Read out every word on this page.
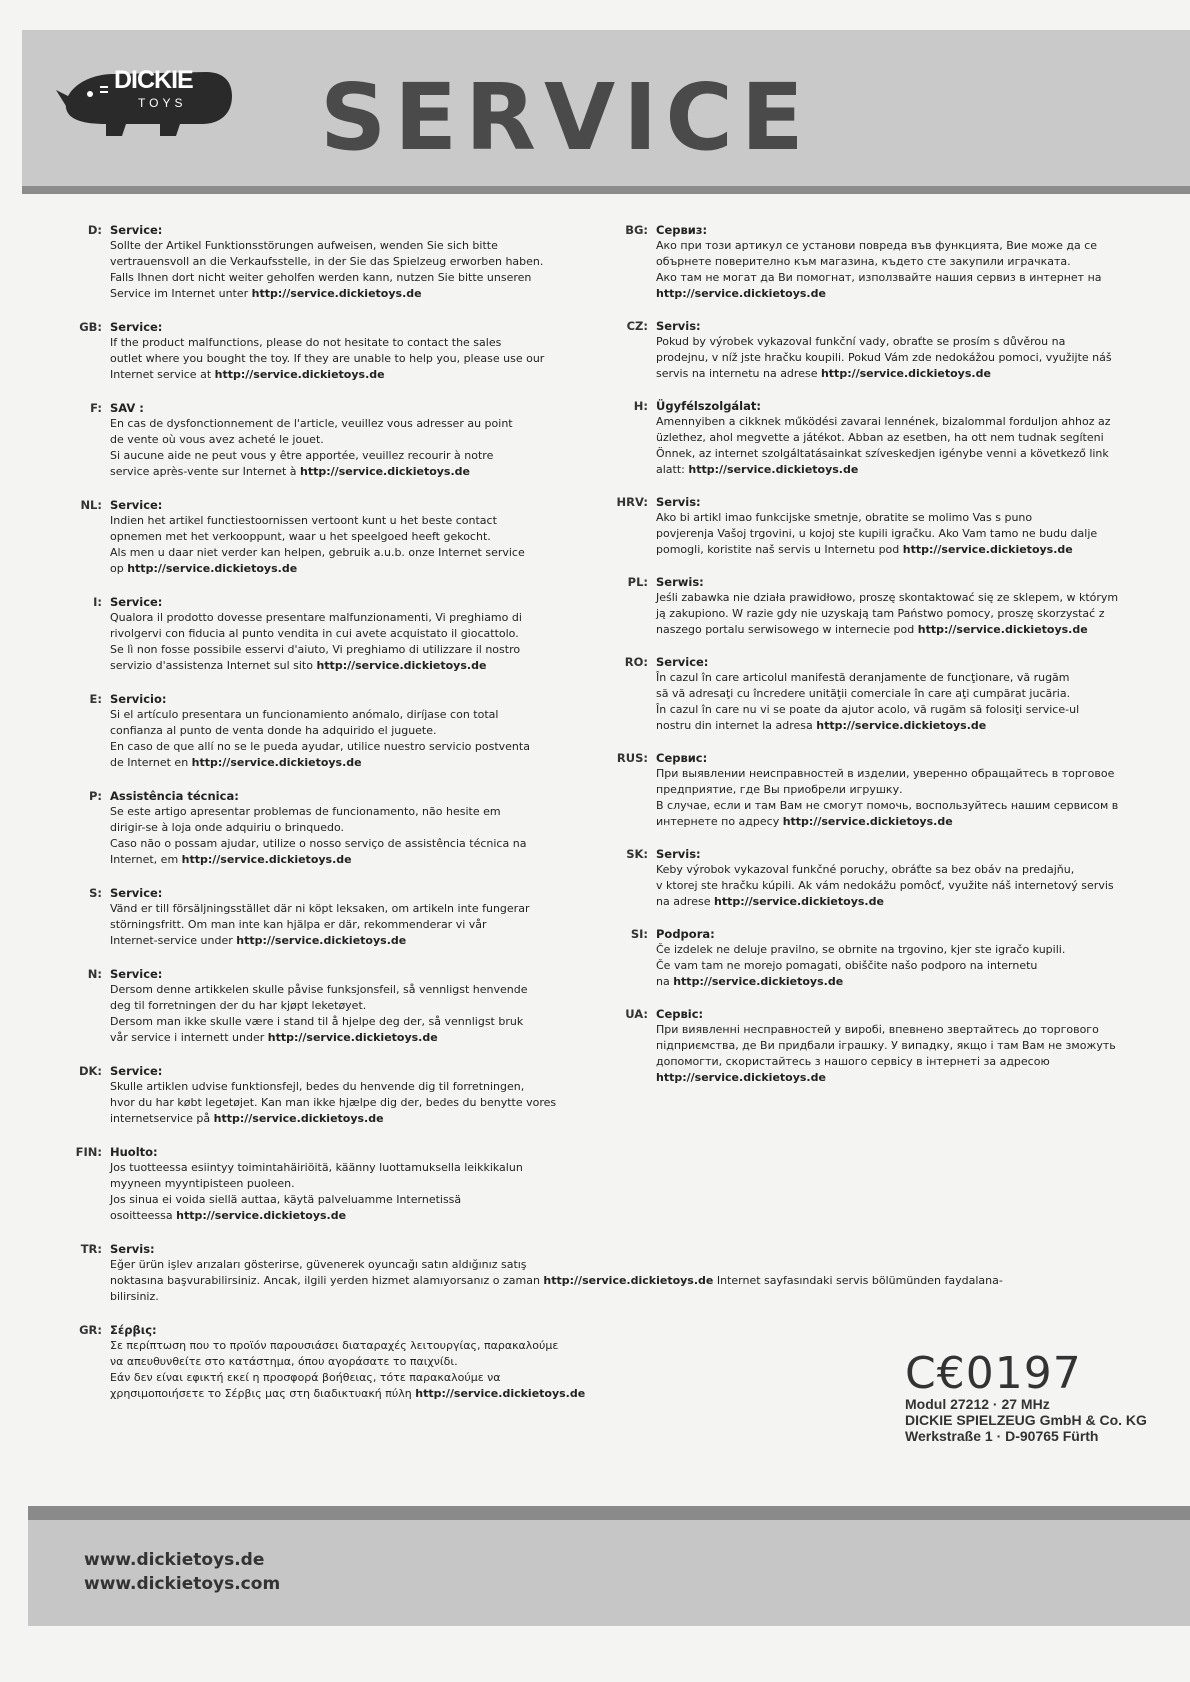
DICKIE
TOYS SERVICE
D: Service:
Sollte der Artikel Funktionsstörungen aufweisen, wenden Sie sich bitte
vertrauensvoll an die Verkaufsstelle, in der Sie das Spielzeug erworben haben.
Falls Ihnen dort nicht weiter geholfen werden kann, nutzen Sie bitte unseren
Service im Internet unter http://service.dickietoys.de
GB: Service:
If the product malfunctions, please do not hesitate to contact the sales
outlet where you bought the toy. If they are unable to help you, please use our
Internet service at http://service.dickietoys.de
F: SAV :
En cas de dysfonctionnement de l'article, veuillez vous adresser au point
de vente où vous avez acheté le jouet.
Si aucune aide ne peut vous y être apportée, veuillez recourir à notre
service après-vente sur Internet à http://service.dickietoys.de
NL: Service:
Indien het artikel functiestoornissen vertoont kunt u het beste contact
opnemen met het verkooppunt, waar u het speelgoed heeft gekocht.
Als men u daar niet verder kan helpen, gebruik a.u.b. onze Internet service
op http://service.dickietoys.de
I: Service:
Qualora il prodotto dovesse presentare malfunzionamenti, Vi preghiamo di
rivolgervi con fiducia al punto vendita in cui avete acquistato il giocattolo.
Se lì non fosse possibile esservi d'aiuto, Vi preghiamo di utilizzare il nostro
servizio d'assistenza Internet sul sito http://service.dickietoys.de
E: Servicio:
Si el artículo presentara un funcionamiento anómalo, diríjase con total
confianza al punto de venta donde ha adquirido el juguete.
En caso de que allí no se le pueda ayudar, utilice nuestro servicio postventa
de Internet en http://service.dickietoys.de
P: Assistência técnica:
Se este artigo apresentar problemas de funcionamento, não hesite em
dirigir-se à loja onde adquiriu o brinquedo.
Caso não o possam ajudar, utilize o nosso serviço de assistência técnica na
Internet, em http://service.dickietoys.de
S: Service:
Vänd er till försäljningsstället där ni köpt leksaken, om artikeln inte fungerar
störningsfritt. Om man inte kan hjälpa er där, rekommenderar vi vår
Internet-service under http://service.dickietoys.de
N: Service:
Dersom denne artikkelen skulle påvise funksjonsfeil, så vennligst henvende
deg til forretningen der du har kjøpt leketøyet.
Dersom man ikke skulle være i stand til å hjelpe deg der, så vennligst bruk
vår service i internett under http://service.dickietoys.de
DK: Service:
Skulle artiklen udvise funktionsfejl, bedes du henvende dig til forretningen,
hvor du har købt legetøjet. Kan man ikke hjælpe dig der, bedes du benytte vores
internetservice på http://service.dickietoys.de
FIN: Huolto:
Jos tuotteessa esiintyy toimintahäiriöitä, käänny luottamuksella leikkikalun
myyneen myyntipisteen puoleen.
Jos sinua ei voida siellä auttaa, käytä palveluamme Internetissä
osoitteessa http://service.dickietoys.de
TR: Servis:
Eğer ürün işlev arızaları gösterirse, güvenerek oyuncağı satın aldığınız satış
noktasına başvurabilirsiniz. Ancak, ilgili yerden hizmet alamıyorsanız o zaman http://service.dickietoys.de Internet sayfasındaki servis bölümünden faydalana-
bilirsiniz.
GR: Σέρβις:
Σε περίπτωση που το προϊόν παρουσιάσει διαταραχές λειτουργίας, παρακαλούμε
να απευθυνθείτε στο κατάστημα, όπου αγοράσατε το παιχνίδι.
Εάν δεν είναι εφικτή εκεί η προσφορά βοήθειας, τότε παρακαλούμε να
χρησιμοποιήσετε το Σέρβις μας στη διαδικτυακή πύλη http://service.dickietoys.de
BG: Сервиз:
Ако при този артикул се установи повреда във функцията, Вие може да се
обърнете поверително към магазина, където сте закупили играчката.
Ако там не могат да Ви помогнат, използвайте нашия сервиз в интернет на
http://service.dickietoys.de
CZ: Servis:
Pokud by výrobek vykazoval funkční vady, obraťte se prosím s důvěrou na
prodejnu, v níž jste hračku koupili. Pokud Vám zde nedokážou pomoci, využijte náš
servis na internetu na adrese http://service.dickietoys.de
H: Ügyfélszolgálat:
Amennyiben a cikknek működési zavarai lennének, bizalommal forduljon ahhoz az
üzlethez, ahol megvette a játékot. Abban az esetben, ha ott nem tudnak segíteni
Önnek, az internet szolgáltatásainkat szíveskedjen igénybe venni a következő link
alatt: http://service.dickietoys.de
HRV: Servis:
Ako bi artikl imao funkcijske smetnje, obratite se molimo Vas s puno
povjerenja Vašoj trgovini, u kojoj ste kupili igračku. Ako Vam tamo ne budu dalje
pomogli, koristite naš servis u Internetu pod http://service.dickietoys.de
PL: Serwis:
Jeśli zabawka nie działa prawidłowo, proszę skontaktować się ze sklepem, w którym
ją zakupiono. W razie gdy nie uzyskają tam Państwo pomocy, proszę skorzystać z
naszego portalu serwisowego w internecie pod http://service.dickietoys.de
RO: Service:
În cazul în care articolul manifestă deranjamente de funcţionare, vă rugăm
să vă adresaţi cu încredere unităţii comerciale în care aţi cumpărat jucăria.
În cazul în care nu vi se poate da ajutor acolo, vă rugăm să folosiţi service-ul
nostru din internet la adresa http://service.dickietoys.de
RUS: Сервис:
При выявлении неисправностей в изделии, уверенно обращайтесь в торговое
предприятие, где Вы приобрели игрушку.
В случае, если и там Вам не смогут помочь, воспользуйтесь нашим сервисом в
интернете по адресу http://service.dickietoys.de
SK: Servis:
Keby výrobok vykazoval funkčné poruchy, obráťte sa bez obáv na predajňu,
v ktorej ste hračku kúpili. Ak vám nedokážu pomôcť, využite náš internetový servis
na adrese http://service.dickietoys.de
SI: Podpora:
Če izdelek ne deluje pravilno, se obrnite na trgovino, kjer ste igračo kupili.
Če vam tam ne morejo pomagati, obiščite našo podporo na internetu
na http://service.dickietoys.de
UA: Сервіс:
При виявленні несправностей у виробі, впевнено звертайтесь до торгового
підприємства, де Ви придбали іграшку. У випадку, якщо і там Вам не зможуть
допомогти, скористайтесь з нашого сервісу в інтернеті за адресою
http://service.dickietoys.de
C€0197
Modul 27212 · 27 MHz
DICKIE SPIELZEUG GmbH & Co. KG
Werkstraße 1 · D-90765 Fürth
www.dickietoys.de
www.dickietoys.com
